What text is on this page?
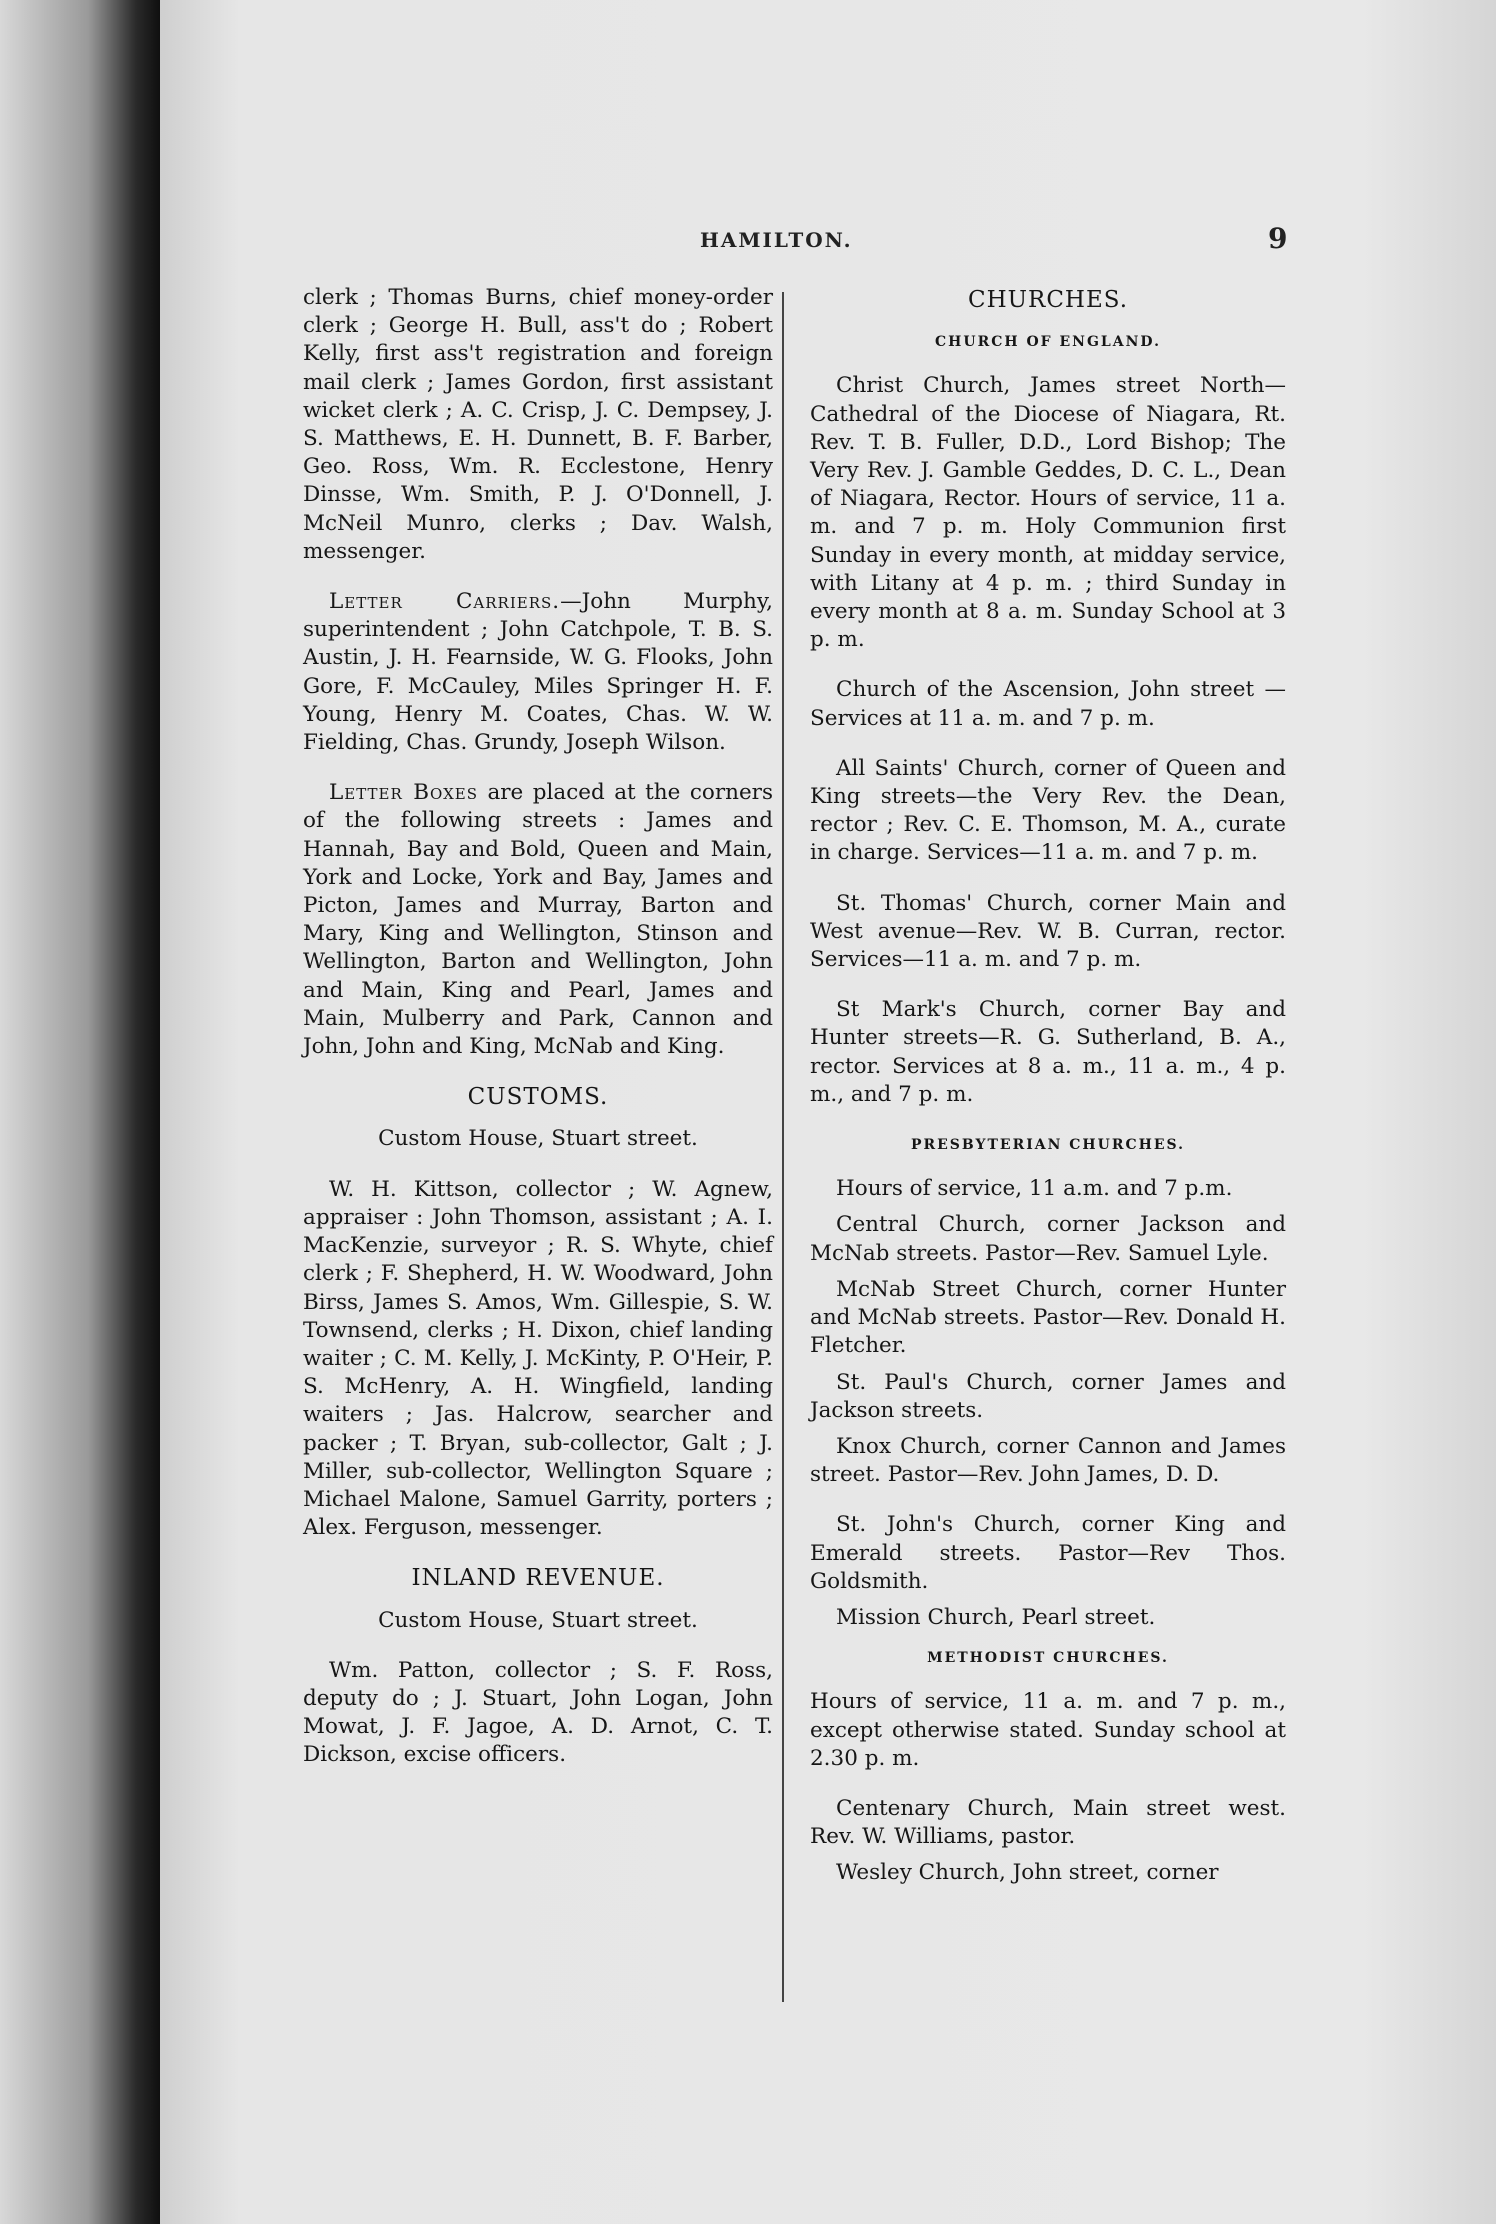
HAMILTON.	9

clerk ; Thomas Burns, chief money-order clerk ; George H. Bull, ass't do ; Robert Kelly, first ass't registration and foreign mail clerk ; James Gordon, first assistant wicket clerk ; A. C. Crisp, J. C. Dempsey, J. S. Matthews, E. H. Dunnett, B. F. Barber, Geo. Ross, Wm. R. Ecclestone, Henry Dinsse, Wm. Smith, P. J. O'Donnell, J. McNeil Munro, clerks ; Dav. Walsh, messenger.

Letter Carriers.—John Murphy, superintendent ; John Catchpole, T. B. S. Austin, J. H. Fearnside, W. G. Flooks, John Gore, F. McCauley, Miles Springer H. F. Young, Henry M. Coates, Chas. W. W. Fielding, Chas. Grundy, Joseph Wilson.

Letter Boxes are placed at the corners of the following streets : James and Hannah, Bay and Bold, Queen and Main, York and Locke, York and Bay, James and Picton, James and Murray, Barton and Mary, King and Wellington, Stinson and Wellington, Barton and Wellington, John and Main, King and Pearl, James and Main, Mulberry and Park, Cannon and John, John and King, McNab and King.

CUSTOMS.

Custom House, Stuart street.

W. H. Kittson, collector ; W. Agnew, appraiser : John Thomson, assistant ; A. I. MacKenzie, surveyor ; R. S. Whyte, chief clerk ; F. Shepherd, H. W. Woodward, John Birss, James S. Amos, Wm. Gillespie, S. W. Townsend, clerks ; H. Dixon, chief landing waiter ; C. M. Kelly, J. McKinty, P. O'Heir, P. S. McHenry, A. H. Wingfield, landing waiters ; Jas. Halcrow, searcher and packer ; T. Bryan, sub-collector, Galt ; J. Miller, sub-collector, Wellington Square ; Michael Malone, Samuel Garrity, porters ; Alex. Ferguson, messenger.

INLAND REVENUE.

Custom House, Stuart street.

Wm. Patton, collector ; S. F. Ross, deputy do ; J. Stuart, John Logan, John Mowat, J. F. Jagoe, A. D. Arnot, C. T. Dickson, excise officers.

CHURCHES.
CHURCH OF ENGLAND.

Christ Church, James street North—Cathedral of the Diocese of Niagara, Rt. Rev. T. B. Fuller, D.D., Lord Bishop; The Very Rev. J. Gamble Geddes, D. C. L., Dean of Niagara, Rector. Hours of service, 11 a. m. and 7 p. m. Holy Communion first Sunday in every month, at midday service, with Litany at 4 p. m. ; third Sunday in every month at 8 a. m. Sunday School at 3 p. m.

Church of the Ascension, John street —Services at 11 a. m. and 7 p. m.

All Saints' Church, corner of Queen and King streets—the Very Rev. the Dean, rector ; Rev. C. E. Thomson, M. A., curate in charge. Services—11 a. m. and 7 p. m.

St. Thomas' Church, corner Main and West avenue—Rev. W. B. Curran, rector. Services—11 a. m. and 7 p. m.

St Mark's Church, corner Bay and Hunter streets—R. G. Sutherland, B. A., rector. Services at 8 a. m., 11 a. m., 4 p. m., and 7 p. m.

PRESBYTERIAN CHURCHES.

Hours of service, 11 a.m. and 7 p.m.

Central Church, corner Jackson and McNab streets. Pastor—Rev. Samuel Lyle.

McNab Street Church, corner Hunter and McNab streets. Pastor—Rev. Donald H. Fletcher.

St. Paul's Church, corner James and Jackson streets.

Knox Church, corner Cannon and James street. Pastor—Rev. John James, D. D.

St. John's Church, corner King and Emerald streets. Pastor—Rev Thos. Goldsmith.

Mission Church, Pearl street.

METHODIST CHURCHES.

Hours of service, 11 a. m. and 7 p. m., except otherwise stated. Sunday school at 2.30 p. m.

Centenary Church, Main street west. Rev. W. Williams, pastor.

Wesley Church, John street, corner
